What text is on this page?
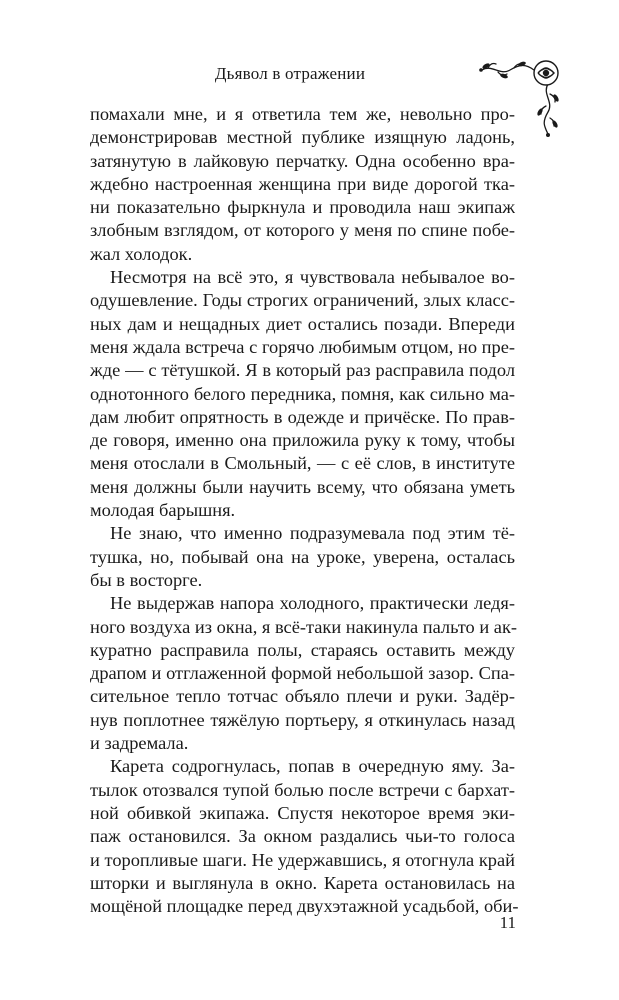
Дьявол в отражении
помахали мне, и я ответила тем же, невольно про-
демонстрировав местной публике изящную ладонь,
затянутую в лайковую перчатку. Одна особенно вра-
ждебно настроенная женщина при виде дорогой тка-
ни показательно фыркнула и проводила наш экипаж
злобным взглядом, от которого у меня по спине побе-
жал холодок.
Несмотря на всё это, я чувствовала небывалое во-
одушевление. Годы строгих ограничений, злых класс-
ных дам и нещадных диет остались позади. Впереди
меня ждала встреча с горячо любимым отцом, но пре-
жде — с тётушкой. Я в который раз расправила подол
однотонного белого передника, помня, как сильно ма-
дам любит опрятность в одежде и причёске. По прав-
де говоря, именно она приложила руку к тому, чтобы
меня отослали в Смольный, — с её слов, в институте
меня должны были научить всему, что обязана уметь
молодая барышня.
Не знаю, что именно подразумевала под этим тё-
тушка, но, побывай она на уроке, уверена, осталась
бы в восторге.
Не выдержав напора холодного, практически ледя-
ного воздуха из окна, я всё-таки накинула пальто и ак-
куратно расправила полы, стараясь оставить между
драпом и отглаженной формой небольшой зазор. Спа-
сительное тепло тотчас объяло плечи и руки. Задёр-
нув поплотнее тяжёлую портьеру, я откинулась назад
и задремала.
Карета содрогнулась, попав в очередную яму. За-
тылок отозвался тупой болью после встречи с бархат-
ной обивкой экипажа. Спустя некоторое время эки-
паж остановился. За окном раздались чьи-то голоса
и торопливые шаги. Не удержавшись, я отогнула край
шторки и выглянула в окно. Карета остановилась на
мощёной площадке перед двухэтажной усадьбой, оби-
11
